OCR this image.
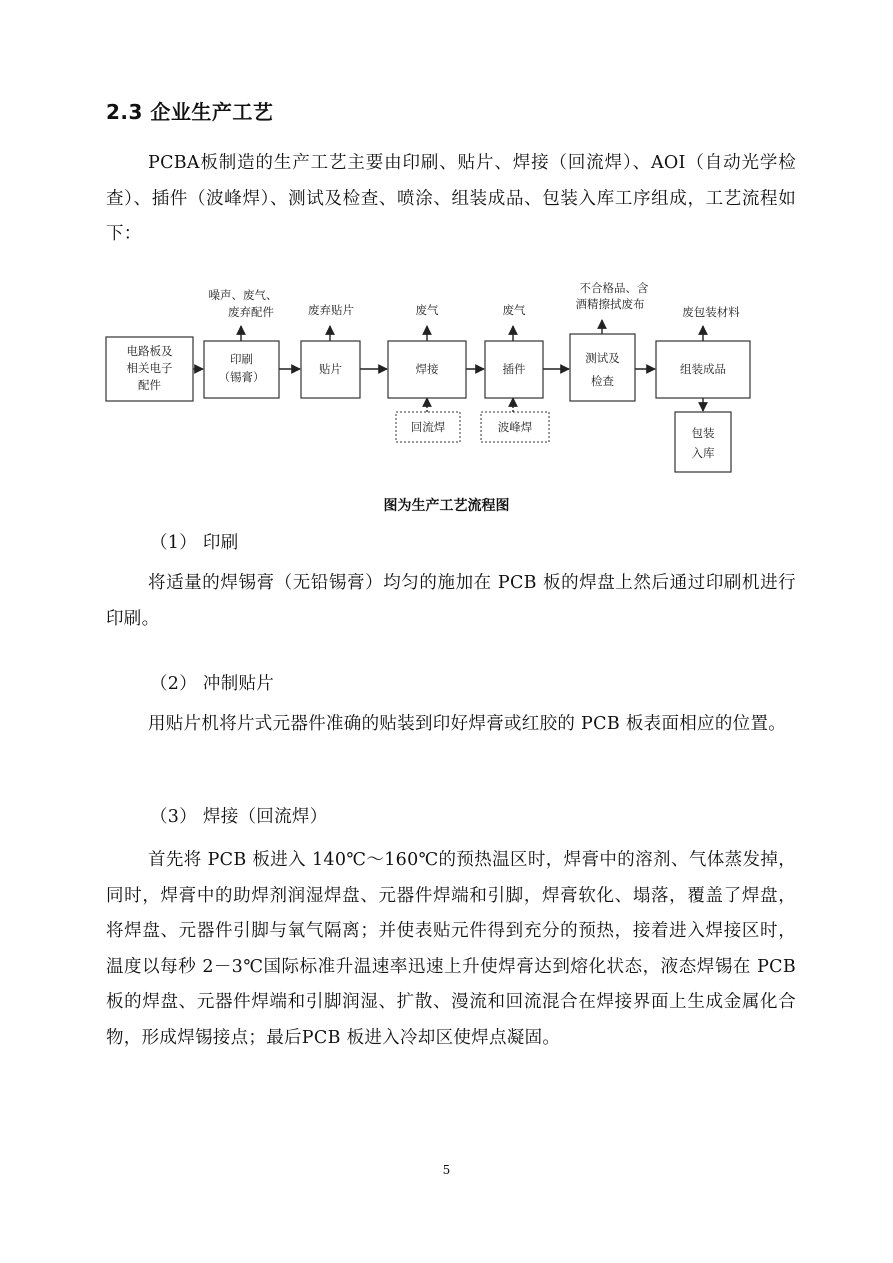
2.3 企业生产工艺

PCBA板制造的生产工艺主要由印刷、贴片、焊接（回流焊）、AOI（自动光学检查）、插件（波峰焊）、测试及检查、喷涂、组装成品、包装入库工序组成，工艺流程如下：

电路板及
相关电子
配件
印刷
（锡膏）
贴片	焊接	插件
测试及
检查
组装成品
包装
入库
回流焊	波峰焊
噪声、废气、
废弃配件	废弃贴片	废气	废气
不合格品、含
酒精擦拭废布
废包装材料

图为生产工艺流程图

（1） 印刷

将适量的焊锡膏（无铅锡膏）均匀的施加在 PCB 板的焊盘上然后通过印刷机进行印刷。

（2） 冲制贴片

用贴片机将片式元器件准确的贴装到印好焊膏或红胶的 PCB 板表面相应的位置。

（3） 焊接（回流焊）

首先将 PCB 板进入 140℃～160℃的预热温区时，焊膏中的溶剂、气体蒸发掉，同时，焊膏中的助焊剂润湿焊盘、元器件焊端和引脚，焊膏软化、塌落，覆盖了焊盘，将焊盘、元器件引脚与氧气隔离；并使表贴元件得到充分的预热，接着进入焊接区时，温度以每秒 2－3℃国际标准升温速率迅速上升使焊膏达到熔化状态，液态焊锡在 PCB 板的焊盘、元器件焊端和引脚润湿、扩散、漫流和回流混合在焊接界面上生成金属化合物，形成焊锡接点；最后PCB 板进入冷却区使焊点凝固。

5
